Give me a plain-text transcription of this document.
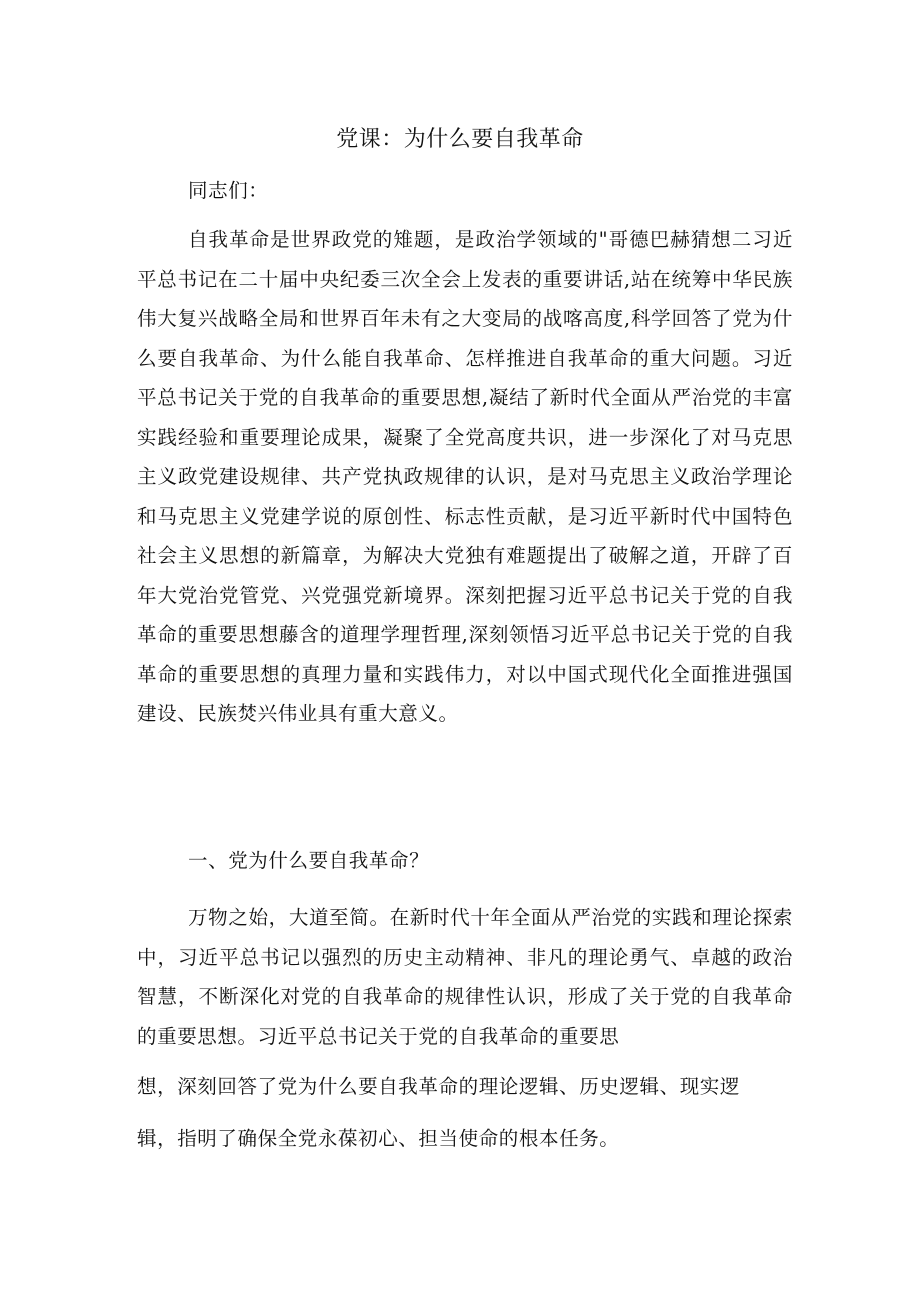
党课：为什么要自我革命
同志们：
自我革命是世界政党的雉题，是政治学领域的"哥德巴赫猜想二习近平总书记在二十届中央纪委三次全会上发表的重要讲话,站在统筹中华民族伟大复兴战略全局和世界百年未有之大变局的战喀高度,科学回答了党为什么要自我革命、为什么能自我革命、怎样推进自我革命的重大问题。习近平总书记关于党的自我革命的重要思想,凝结了新时代全面从严治党的丰富实践经验和重要理论成果，凝聚了全党高度共识，进一步深化了对马克思主义政党建设规律、共产党执政规律的认识，是对马克思主义政治学理论和马克思主义党建学说的原创性、标志性贡献，是习近平新时代中国特色社会主义思想的新篇章，为解决大党独有难题提出了破解之道，开辟了百年大党治党管党、兴党强党新境界。深刻把握习近平总书记关于党的自我革命的重要思想藤含的道理学理哲理,深刻领悟习近平总书记关于党的自我革命的重要思想的真理力量和实践伟力，对以中国式现代化全面推进强国建设、民族焚兴伟业具有重大意义。
一、党为什么要自我革命？
万物之始，大道至简。在新时代十年全面从严治党的实践和理论探索中，习近平总书记以强烈的历史主动精神、非凡的理论勇气、卓越的政治智慧，不断深化对党的自我革命的规律性认识，形成了关于党的自我革命的重要思想。习近平总书记关于党的自我革命的重要思
想，深刻回答了党为什么要自我革命的理论逻辑、历史逻辑、现实逻
辑，指明了确保全党永葆初心、担当使命的根本任务。
